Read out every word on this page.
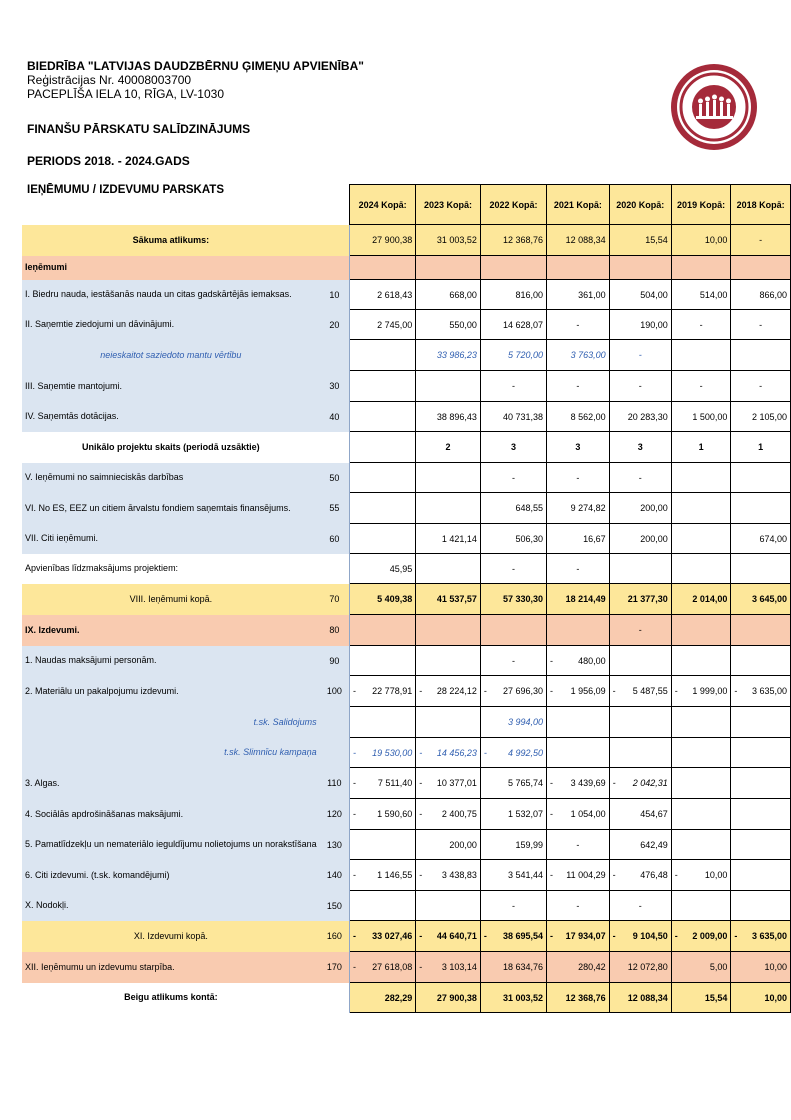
BIEDRĪBA "LATVIJAS DAUDZBĒRNU ĢIMEŅU APVIENĪBA"
Reģistrācijas Nr. 40008003700
PACEPLĪŠA IELA 10, RĪGA, LV-1030
FINANŠU PĀRSKATU SALĪDZINĀJUMS
PERIODS 2018. - 2024.GADS
IEŅĒMUMU / IZDEVUMU PARSKATS
		2024 Kopā:	2023 Kopā:	2022 Kopā:	2021 Kopā:	2020 Kopā:	2019 Kopā:	2018 Kopā:
Sākuma atlikums:		27 900,38	31 003,52	12 368,76	12 088,34	15,54	10,00	-
Ieņēmumi								
I. Biedru nauda, iestāšanās nauda un citas gadskārtējās iemaksas.	10	2 618,43	668,00	816,00	361,00	504,00	514,00	866,00
II. Saņemtie ziedojumi un dāvinājumi.	20	2 745,00	550,00	14 628,07	-	190,00	-	-
neieskaitot saziedoto mantu vērtību			33 986,23	5 720,00	3 763,00	-		
III. Saņemtie mantojumi.	30			-	-	-	-	-
IV. Saņemtās dotācijas.	40		38 896,43	40 731,38	8 562,00	20 283,30	1 500,00	2 105,00
Unikālo projektu skaits (periodā uzsāktie)			2	3	3	3	1	1
V. Ieņēmumi no saimnieciskās darbības	50			-	-	-		
VI. No ES, EEZ un citiem ārvalstu fondiem saņemtais finansējums.	55			648,55	9 274,82	200,00		
VII. Citi ieņēmumi.	60		1 421,14	506,30	16,67	200,00		674,00
Apvienības līdzmaksājums projektiem:		45,95		-	-			
VIII. Ieņēmumi kopā.	70	5 409,38	41 537,57	57 330,30	18 214,49	21 377,30	2 014,00	3 645,00
IX. Izdevumi.	80					-		
1. Naudas maksājumi personām.	90			-	- 480,00			
2. Materiālu un pakalpojumu izdevumi.	100	- 22 778,91	- 28 224,12	- 27 696,30	- 1 956,09	- 5 487,55	- 1 999,00	- 3 635,00
t.sk. Salidojums				3 994,00				
t.sk. Slimnīcu kampaņa		- 19 530,00	- 14 456,23	- 4 992,50				
3. Algas.	110	- 7 511,40	- 10 377,01	5 765,74	- 3 439,69	- 2 042,31		
4. Sociālās apdrošināšanas maksājumi.	120	- 1 590,60	- 2 400,75	1 532,07	- 1 054,00	454,67		
5. Pamatlīdzekļu un nemateriālo ieguldījumu nolietojums un norakstīšana	130		200,00	159,99	-	642,49		
6. Citi izdevumi. (t.sk. komandējumi)	140	- 1 146,55	- 3 438,83	3 541,44	- 11 004,29	- 476,48	- 10,00	
X. Nodokļi.	150			-	-	-		
XI. Izdevumi kopā.	160	- 33 027,46	- 44 640,71	- 38 695,54	- 17 934,07	- 9 104,50	- 2 009,00	- 3 635,00
XII. Ieņēmumu un izdevumu starpība.	170	- 27 618,08	- 3 103,14	18 634,76	280,42	12 072,80	5,00	10,00
Beigu atlikums kontā:		282,29	27 900,38	31 003,52	12 368,76	12 088,34	15,54	10,00
